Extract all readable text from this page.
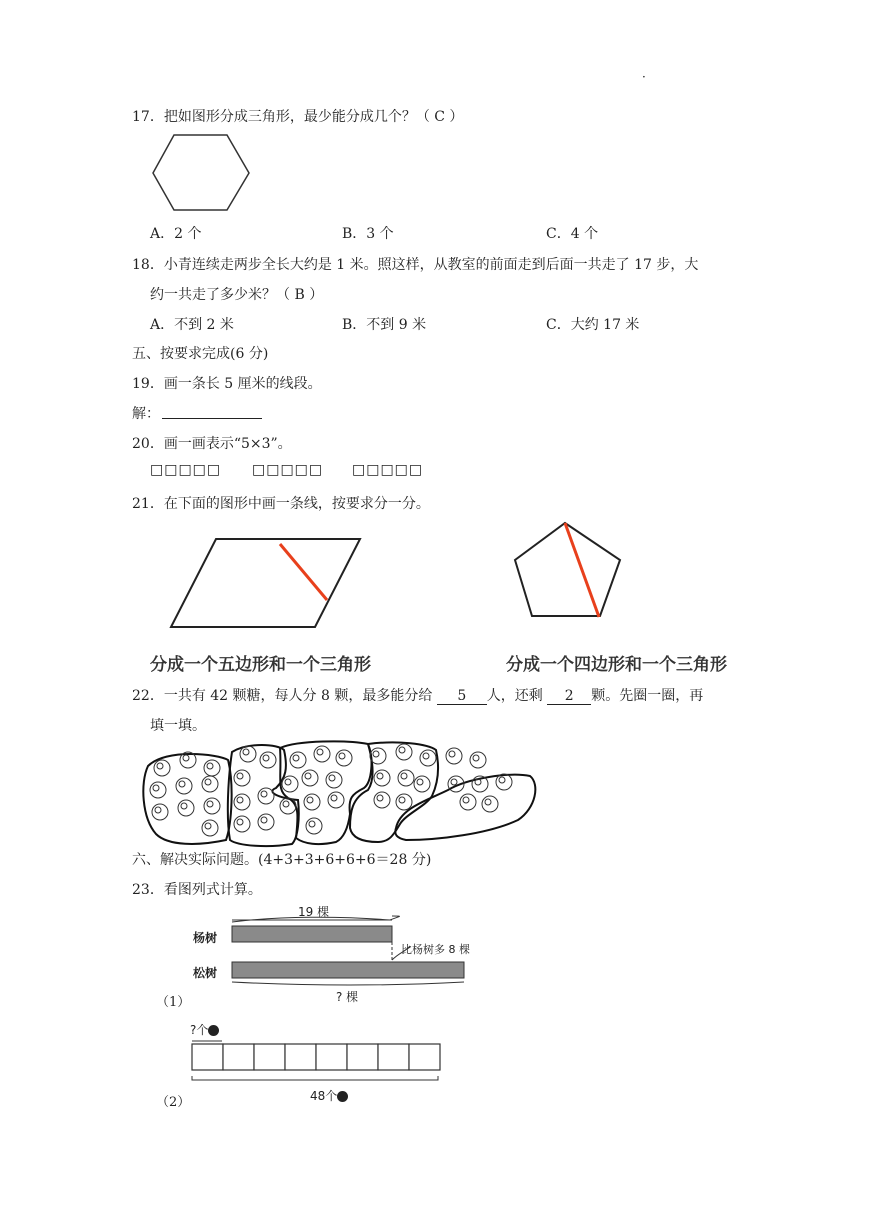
·
17．把如图形分成三角形，最少能分成几个？（ C ）
A．2 个	B．3 个	C．4 个
18．小青连续走两步全长大约是 1 米。照这样，从教室的前面走到后面一共走了 17 步，大
约一共走了多少米？（ B ）
A．不到 2 米	B．不到 9 米	C．大约 17 米
五、按要求完成(6 分)
19．画一条长 5 厘米的线段。
解：
20．画一画表示“5×3”。
□□□□□ □□□□□ □□□□□
21．在下面的图形中画一条线，按要求分一分。
分成一个五边形和一个三角形	分成一个四边形和一个三角形
22．一共有 42 颗糖，每人分 8 颗，最多能分给 5 人，还剩 2 颗。先圈一圈，再
填一填。
六、解决实际问题。(4+3+3+6+6+6＝28 分)
23．看图列式计算。
19 棵
杨树
松树
比杨树多 8 棵
? 棵
（1）
?个
48个
（2）
